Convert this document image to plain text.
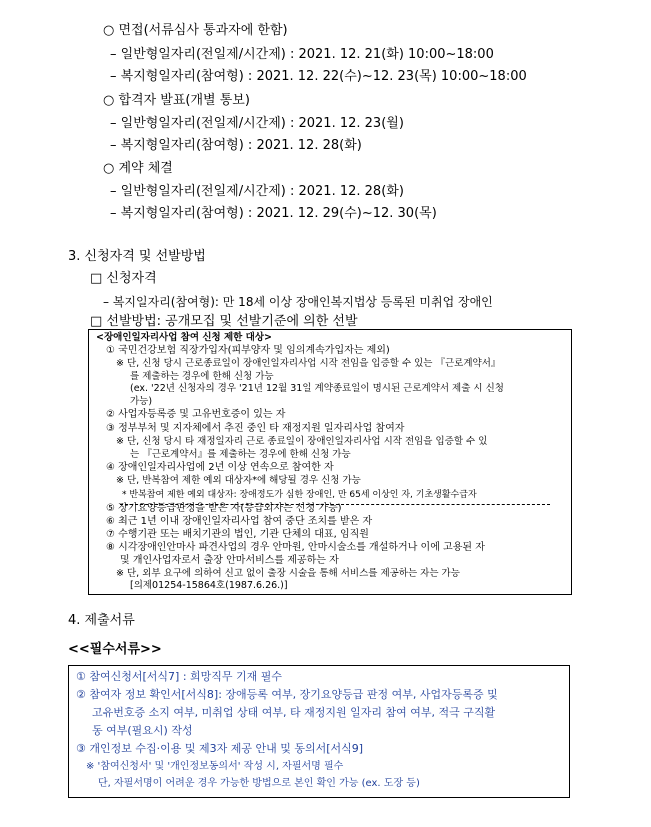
○ 면접(서류심사 통과자에 한함)
– 일반형일자리(전일제/시간제) : 2021. 12. 21(화) 10:00~18:00
– 복지형일자리(참여형) : 2021. 12. 22(수)~12. 23(목) 10:00~18:00
○ 합격자 발표(개별 통보)
– 일반형일자리(전일제/시간제) : 2021. 12. 23(월)
– 복지형일자리(참여형) : 2021. 12. 28(화)
○ 계약 체결
– 일반형일자리(전일제/시간제) : 2021. 12. 28(화)
– 복지형일자리(참여형) : 2021. 12. 29(수)~12. 30(목)
3. 신청자격 및 선발방법
□ 신청자격
– 복지일자리(참여형): 만 18세 이상 장애인복지법상 등록된 미취업 장애인
□ 선발방법: 공개모집 및 선발기준에 의한 선발
<장애인일자리사업 참여 신청 제한 대상>
① 국민건강보험 직장가입자(피부양자 및 임의계속가입자는 제외)
※ 단, 신청 당시 근로종료일이 장애인일자리사업 시작 전임을 입증할 수 있는 『근로계약서』
를 제출하는 경우에 한해 신청 가능
(ex. '22년 신청자의 경우 '21년 12월 31일 계약종료일이 명시된 근로계약서 제출 시 신청
가능)
② 사업자등록증 및 고유번호증이 있는 자
③ 정부부처 및 지자체에서 추진 중인 타 재정지원 일자리사업 참여자
※ 단, 신청 당시 타 재정일자리 근로 종료일이 장애인일자리사업 시작 전임을 입증할 수 있
는 『근로계약서』를 제출하는 경우에 한해 신청 가능
④ 장애인일자리사업에 2년 이상 연속으로 참여한 자
※ 단, 반복참여 제한 예외 대상자*에 해당될 경우 신청 가능
* 반복참여 제한 예외 대상자: 장애정도가 심한 장애인, 만 65세 이상인 자, 기초생활수급자
⑤ 장기요양등급판정을 받은 자(등급외자는 신청 가능)
⑥ 최근 1년 이내 장애인일자리사업 참여 중단 조치를 받은 자
⑦ 수행기관 또는 배치기관의 법인, 기관 단체의 대표, 임직원
⑧ 시각장애인안마사 파견사업의 경우 안마원, 안마시술소를 개설하거나 이에 고용된 자
및 개인사업자로서 출장 안마서비스를 제공하는 자
※ 단, 외부 요구에 의하여 신고 없이 출장 시술을 통해 서비스를 제공하는 자는 가능
[의제01254-15864호(1987.6.26.)]
4. 제출서류
<<필수서류>>
① 참여신청서[서식7] : 희망직무 기재 필수
② 참여자 정보 확인서[서식8]: 장애등록 여부, 장기요양등급 판정 여부, 사업자등록증 및
고유번호증 소지 여부, 미취업 상태 여부, 타 재정지원 일자리 참여 여부, 적극 구직활
동 여부(필요시) 작성
③ 개인정보 수집·이용 및 제3자 제공 안내 및 동의서[서식9]
※ '참여신청서' 및 '개인정보동의서' 작성 시, 자필서명 필수
단, 자필서명이 어려운 경우 가능한 방법으로 본인 확인 가능 (ex. 도장 등)
